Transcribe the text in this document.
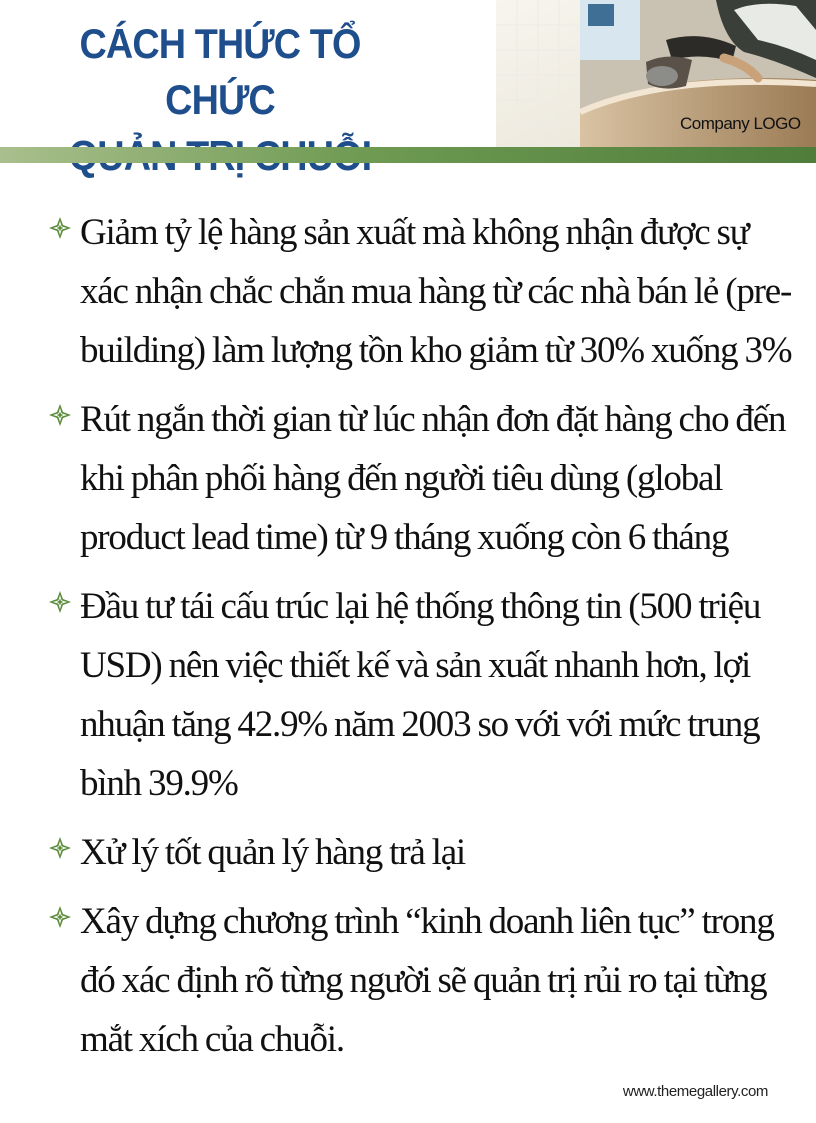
CÁCH THỨC TỔ CHỨC
Company LOGO
Giảm tỷ lệ hàng sản xuất mà không nhận được sự xác nhận chắc chắn mua hàng từ các nhà bán lẻ (pre-building) làm lượng tồn kho giảm từ 30% xuống 3%
Rút ngắn thời gian từ lúc nhận đơn đặt hàng cho đến khi phân phối hàng đến người tiêu dùng (global product lead time) từ 9 tháng xuống còn 6 tháng
Đầu tư tái cấu trúc lại hệ thống thông tin (500 triệu USD) nên việc thiết kế và sản xuất nhanh hơn, lợi nhuận tăng 42.9% năm 2003 so với với mức trung bình 39.9%
Xử lý tốt quản lý hàng trả lại
Xây dựng chương trình “kinh doanh liên tục” trong đó xác định rõ từng người sẽ quản trị rủi ro tại từng mắt xích của chuỗi.
www.themegallery.com
